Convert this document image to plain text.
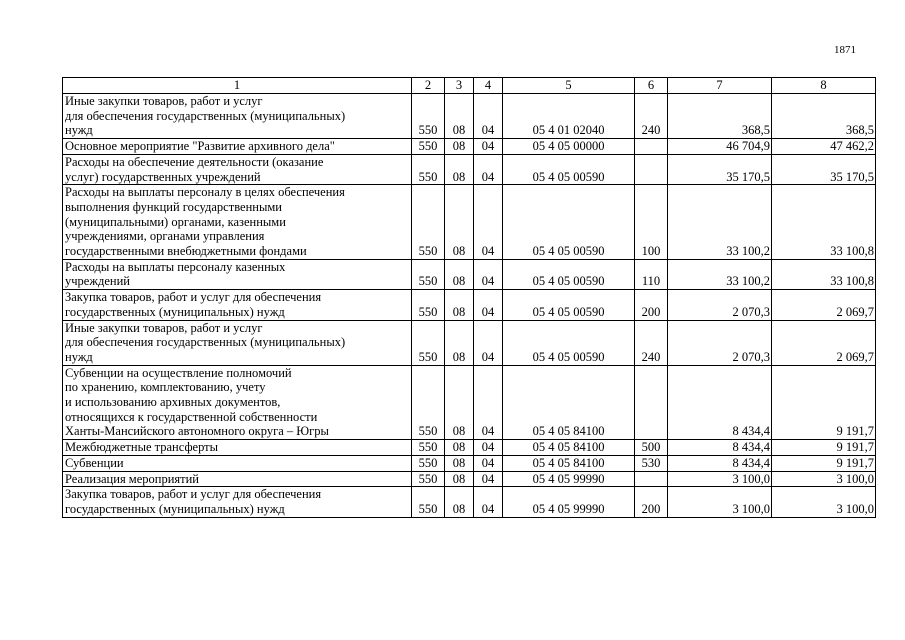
1871
1	2	3	4	5	6	7	8
Иные закупки товаров, работ и услуг
для обеспечения государственных (муниципальных)
нужд	550	08	04	05 4 01 02040	240	368,5	368,5
Основное мероприятие "Развитие архивного дела"	550	08	04	05 4 05 00000		46 704,9	47 462,2
Расходы на обеспечение деятельности (оказание
услуг) государственных учреждений	550	08	04	05 4 05 00590		35 170,5	35 170,5
Расходы на выплаты персоналу в целях обеспечения
выполнения функций государственными
(муниципальными) органами, казенными
учреждениями, органами управления
государственными внебюджетными фондами	550	08	04	05 4 05 00590	100	33 100,2	33 100,8
Расходы на выплаты персоналу казенных
учреждений	550	08	04	05 4 05 00590	110	33 100,2	33 100,8
Закупка товаров, работ и услуг для обеспечения
государственных (муниципальных) нужд	550	08	04	05 4 05 00590	200	2 070,3	2 069,7
Иные закупки товаров, работ и услуг
для обеспечения государственных (муниципальных)
нужд	550	08	04	05 4 05 00590	240	2 070,3	2 069,7
Субвенции на осуществление полномочий
по хранению, комплектованию, учету
и использованию архивных документов,
относящихся к государственной собственности
Ханты-Мансийского автономного округа – Югры	550	08	04	05 4 05 84100		8 434,4	9 191,7
Межбюджетные трансферты	550	08	04	05 4 05 84100	500	8 434,4	9 191,7
Субвенции	550	08	04	05 4 05 84100	530	8 434,4	9 191,7
Реализация мероприятий	550	08	04	05 4 05 99990		3 100,0	3 100,0
Закупка товаров, работ и услуг для обеспечения
государственных (муниципальных) нужд	550	08	04	05 4 05 99990	200	3 100,0	3 100,0
